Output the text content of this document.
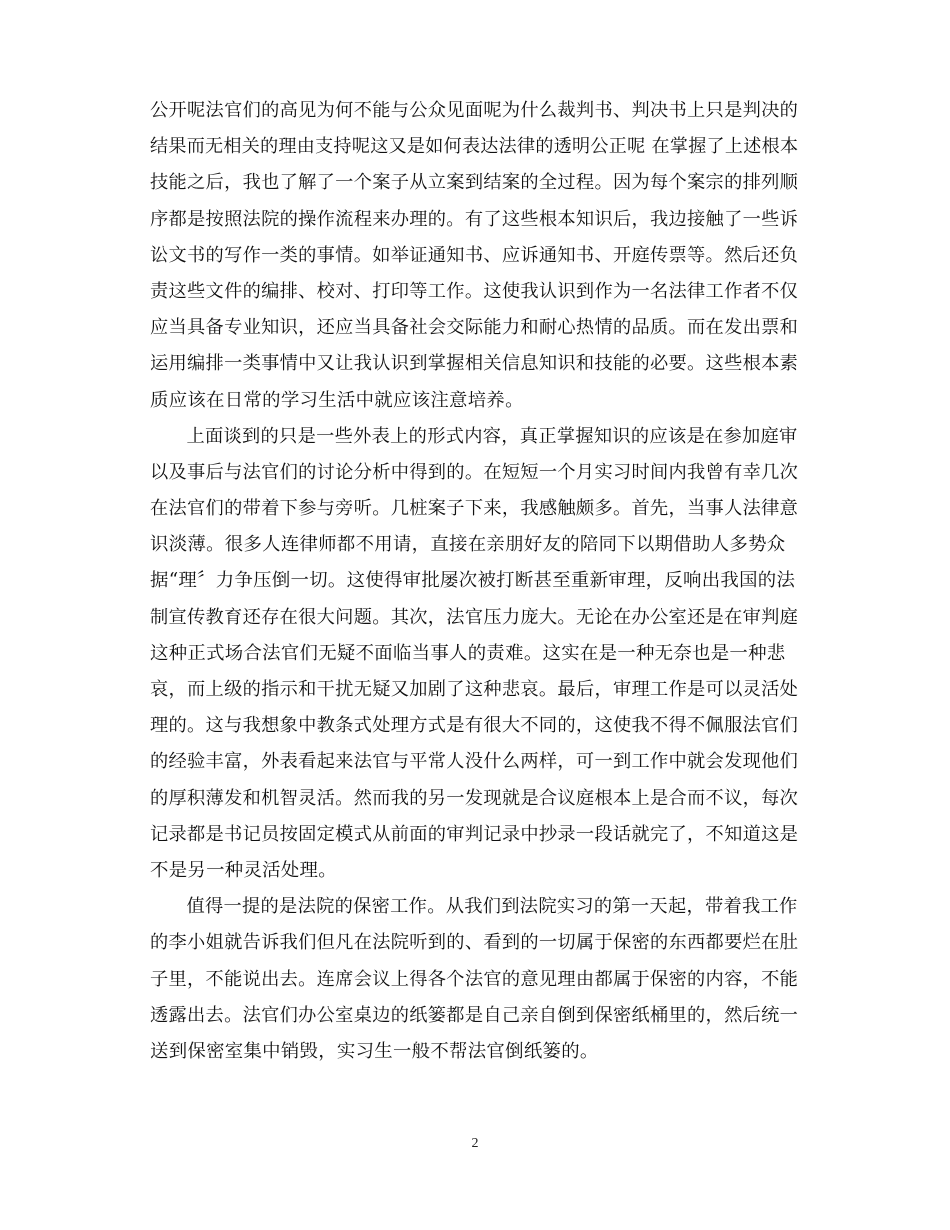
公开呢法官们的高见为何不能与公众见面呢为什么裁判书、判决书上只是判决的
结果而无相关的理由支持呢这又是如何表达法律的透明公正呢 在掌握了上述根本
技能之后，我也了解了一个案子从立案到结案的全过程。因为每个案宗的排列顺
序都是按照法院的操作流程来办理的。有了这些根本知识后，我边接触了一些诉
讼文书的写作一类的事情。如举证通知书、应诉通知书、开庭传票等。然后还负
责这些文件的编排、校对、打印等工作。这使我认识到作为一名法律工作者不仅
应当具备专业知识，还应当具备社会交际能力和耐心热情的品质。而在发出票和
运用编排一类事情中又让我认识到掌握相关信息知识和技能的必要。这些根本素
质应该在日常的学习生活中就应该注意培养。
上面谈到的只是一些外表上的形式内容，真正掌握知识的应该是在参加庭审
以及事后与法官们的讨论分析中得到的。在短短一个月实习时间内我曾有幸几次
在法官们的带着下参与旁听。几桩案子下来，我感触颇多。首先，当事人法律意
识淡薄。很多人连律师都不用请，直接在亲朋好友的陪同下以期借助人多势众
据“理〞力争压倒一切。这使得审批屡次被打断甚至重新审理，反响出我国的法
制宣传教育还存在很大问题。其次，法官压力庞大。无论在办公室还是在审判庭
这种正式场合法官们无疑不面临当事人的责难。这实在是一种无奈也是一种悲
哀，而上级的指示和干扰无疑又加剧了这种悲哀。最后，审理工作是可以灵活处
理的。这与我想象中教条式处理方式是有很大不同的，这使我不得不佩服法官们
的经验丰富，外表看起来法官与平常人没什么两样，可一到工作中就会发现他们
的厚积薄发和机智灵活。然而我的另一发现就是合议庭根本上是合而不议，每次
记录都是书记员按固定模式从前面的审判记录中抄录一段话就完了，不知道这是
不是另一种灵活处理。
值得一提的是法院的保密工作。从我们到法院实习的第一天起，带着我工作
的李小姐就告诉我们但凡在法院听到的、看到的一切属于保密的东西都要烂在肚
子里，不能说出去。连席会议上得各个法官的意见理由都属于保密的内容，不能
透露出去。法官们办公室桌边的纸篓都是自己亲自倒到保密纸桶里的，然后统一
送到保密室集中销毁，实习生一般不帮法官倒纸篓的。
2
